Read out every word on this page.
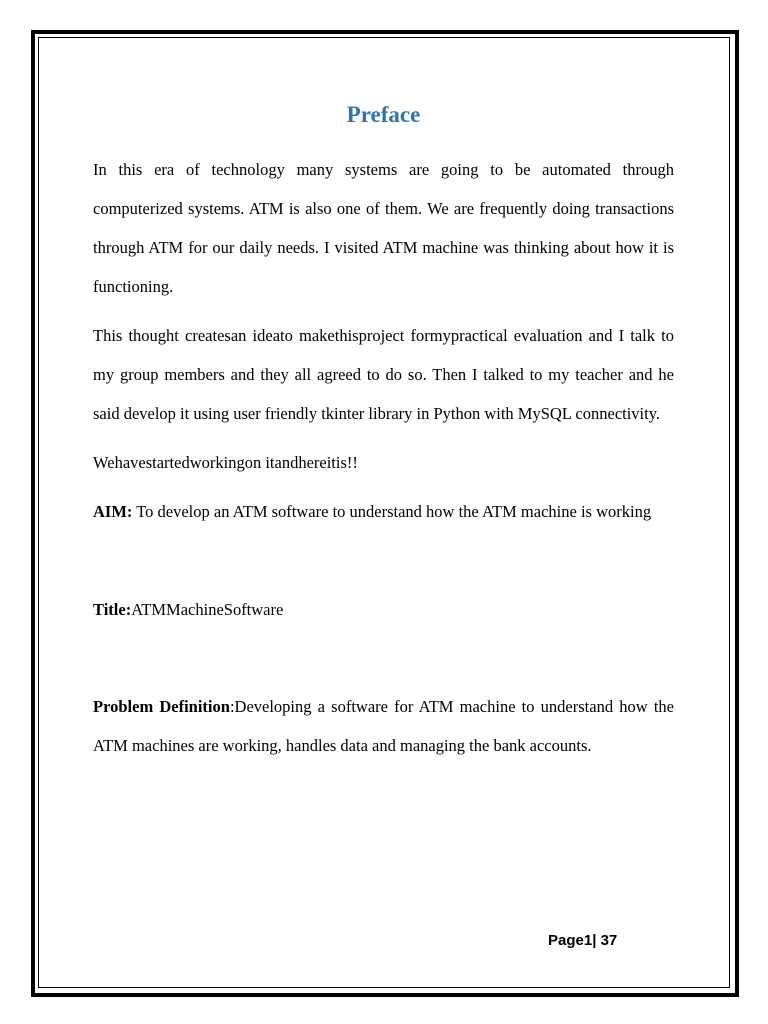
Preface

In this era of technology many systems are going to be automated through computerized systems. ATM is also one of them. We are frequently doing transactions through ATM for our daily needs. I visited ATM machine was thinking about how it is functioning.

This thought createsan ideato makethisproject formypractical evaluation and I talk to my group members and they all agreed to do so. Then I talked to my teacher and he said develop it using user friendly tkinter library in Python with MySQL connectivity.

Wehavestartedworkingon itandhereitis!!

AIM: To develop an ATM software to understand how the ATM machine is working

Title:ATMMachineSoftware

Problem Definition:Developing a software for ATM machine to understand how the ATM machines are working, handles data and managing the bank accounts.

Page1| 37
